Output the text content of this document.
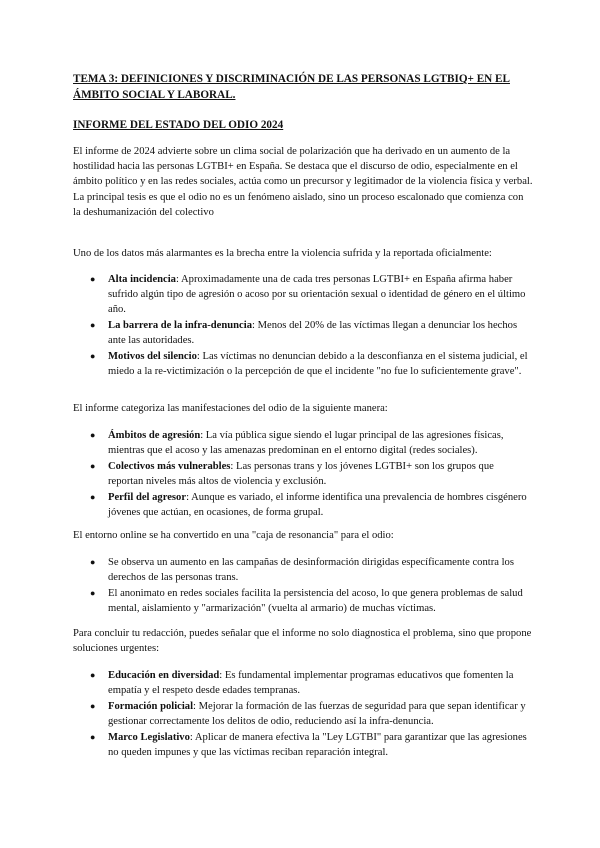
TEMA 3: DEFINICIONES Y DISCRIMINACIÓN DE LAS PERSONAS LGTBIQ+ EN EL ÁMBITO SOCIAL Y LABORAL.

INFORME DEL ESTADO DEL ODIO 2024

El informe de 2024 advierte sobre un clima social de polarización que ha derivado en un aumento de la hostilidad hacia las personas LGTBI+ en España. Se destaca que el discurso de odio, especialmente en el ámbito político y en las redes sociales, actúa como un precursor y legitimador de la violencia física y verbal. La principal tesis es que el odio no es un fenómeno aislado, sino un proceso escalonado que comienza con la deshumanización del colectivo

Uno de los datos más alarmantes es la brecha entre la violencia sufrida y la reportada oficialmente:

● Alta incidencia: Aproximadamente una de cada tres personas LGTBI+ en España afirma haber sufrido algún tipo de agresión o acoso por su orientación sexual o identidad de género en el último año.
● La barrera de la infra-denuncia: Menos del 20% de las víctimas llegan a denunciar los hechos ante las autoridades.
● Motivos del silencio: Las víctimas no denuncian debido a la desconfianza en el sistema judicial, el miedo a la re-victimización o la percepción de que el incidente "no fue lo suficientemente grave".

El informe categoriza las manifestaciones del odio de la siguiente manera:

● Ámbitos de agresión: La vía pública sigue siendo el lugar principal de las agresiones físicas, mientras que el acoso y las amenazas predominan en el entorno digital (redes sociales).
● Colectivos más vulnerables: Las personas trans y los jóvenes LGTBI+ son los grupos que reportan niveles más altos de violencia y exclusión.
● Perfil del agresor: Aunque es variado, el informe identifica una prevalencia de hombres cisgénero jóvenes que actúan, en ocasiones, de forma grupal.

El entorno online se ha convertido en una "caja de resonancia" para el odio:

● Se observa un aumento en las campañas de desinformación dirigidas específicamente contra los derechos de las personas trans.
● El anonimato en redes sociales facilita la persistencia del acoso, lo que genera problemas de salud mental, aislamiento y "armarización" (vuelta al armario) de muchas víctimas.

Para concluir tu redacción, puedes señalar que el informe no solo diagnostica el problema, sino que propone soluciones urgentes:

● Educación en diversidad: Es fundamental implementar programas educativos que fomenten la empatía y el respeto desde edades tempranas.
● Formación policial: Mejorar la formación de las fuerzas de seguridad para que sepan identificar y gestionar correctamente los delitos de odio, reduciendo así la infra-denuncia.
● Marco Legislativo: Aplicar de manera efectiva la "Ley LGTBI" para garantizar que las agresiones no queden impunes y que las víctimas reciban reparación integral.
